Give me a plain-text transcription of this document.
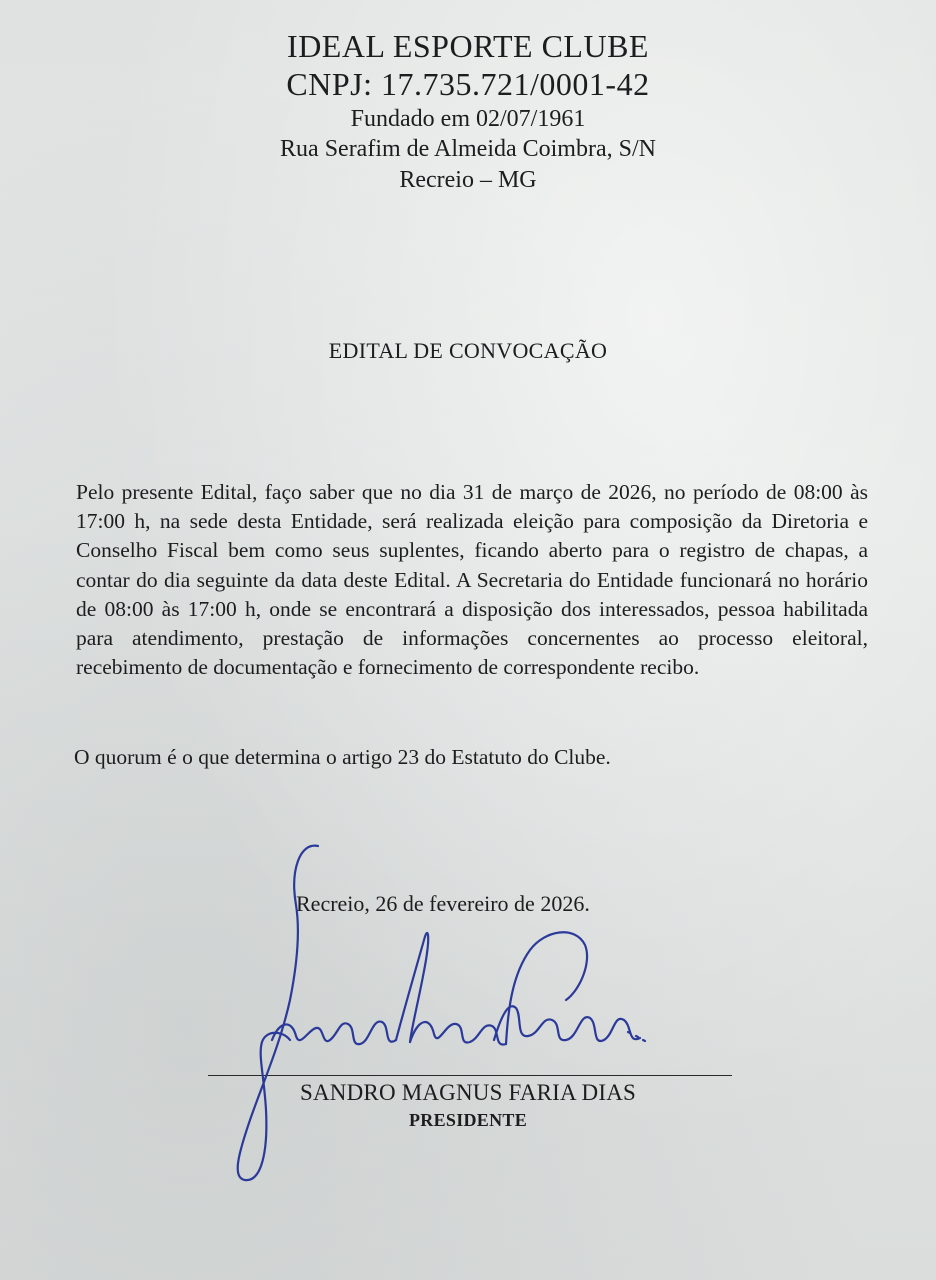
IDEAL ESPORTE CLUBE
CNPJ: 17.735.721/0001-42
Fundado em 02/07/1961
Rua Serafim de Almeida Coimbra, S/N
Recreio – MG
EDITAL DE CONVOCAÇÃO
Pelo presente Edital, faço saber que no dia 31 de março de 2026, no período de 08:00 às 17:00 h, na sede desta Entidade, será realizada eleição para composição da Diretoria e Conselho Fiscal bem como seus suplentes, ficando aberto para o registro de chapas, a contar do dia seguinte da data deste Edital. A Secretaria do Entidade funcionará no horário de 08:00 às 17:00 h, onde se encontrará a disposição dos interessados, pessoa habilitada para atendimento, prestação de informações concernentes ao processo eleitoral, recebimento de documentação e fornecimento de correspondente recibo.
O quorum é o que determina o artigo 23 do Estatuto do Clube.
Recreio, 26 de fevereiro de 2026.
SANDRO MAGNUS FARIA DIAS
PRESIDENTE
